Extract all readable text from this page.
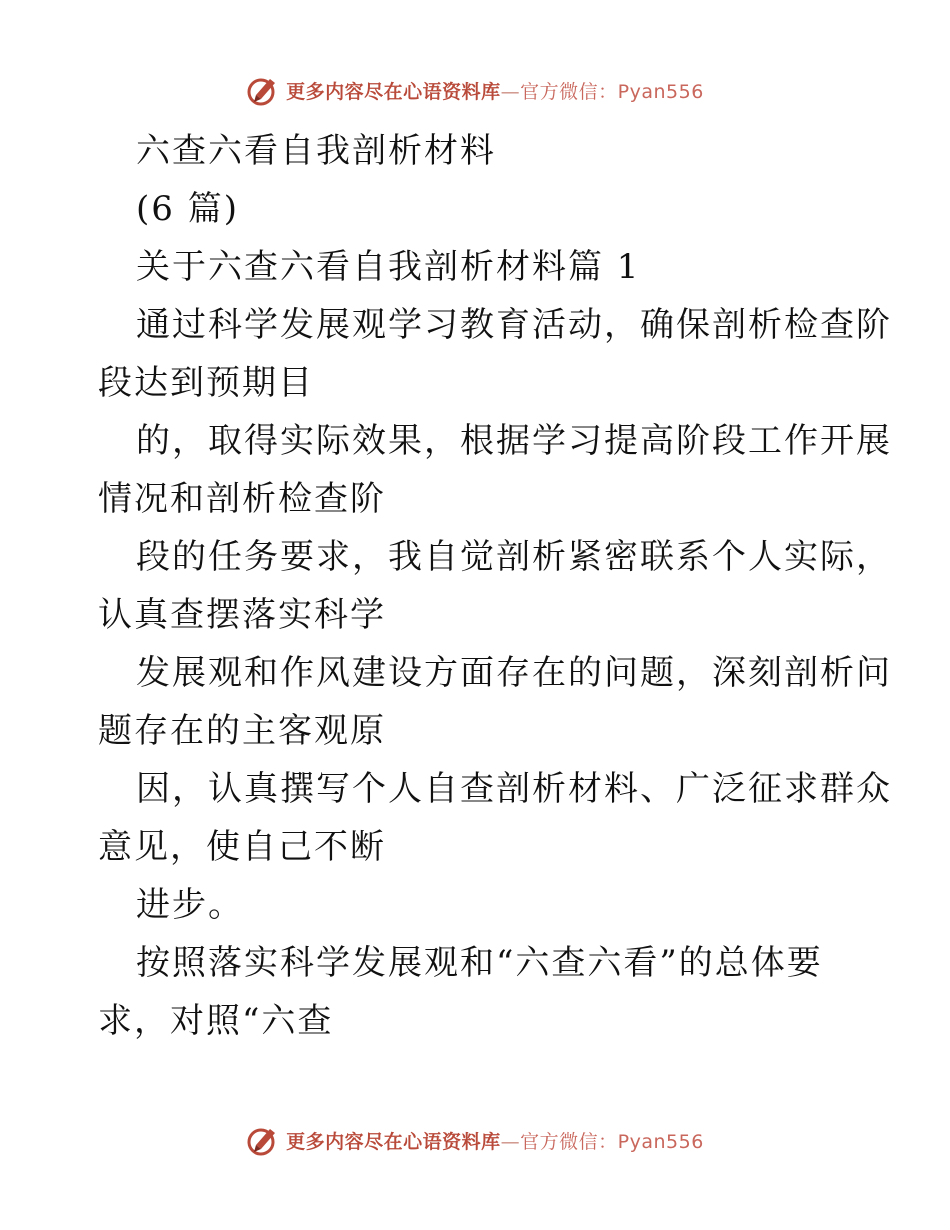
更多内容尽在心语资料库—官方微信：Pyan556
六查六看自我剖析材料
(6 篇)
关于六查六看自我剖析材料篇 1
通过科学发展观学习教育活动，确保剖析检查阶
段达到预期目
的，取得实际效果，根据学习提高阶段工作开展
情况和剖析检查阶
段的任务要求，我自觉剖析紧密联系个人实际，
认真查摆落实科学
发展观和作风建设方面存在的问题，深刻剖析问
题存在的主客观原
因，认真撰写个人自查剖析材料、广泛征求群众
意见，使自己不断
进步。
按照落实科学发展观和“六查六看”的总体要
求，对照“六查
更多内容尽在心语资料库—官方微信：Pyan556
